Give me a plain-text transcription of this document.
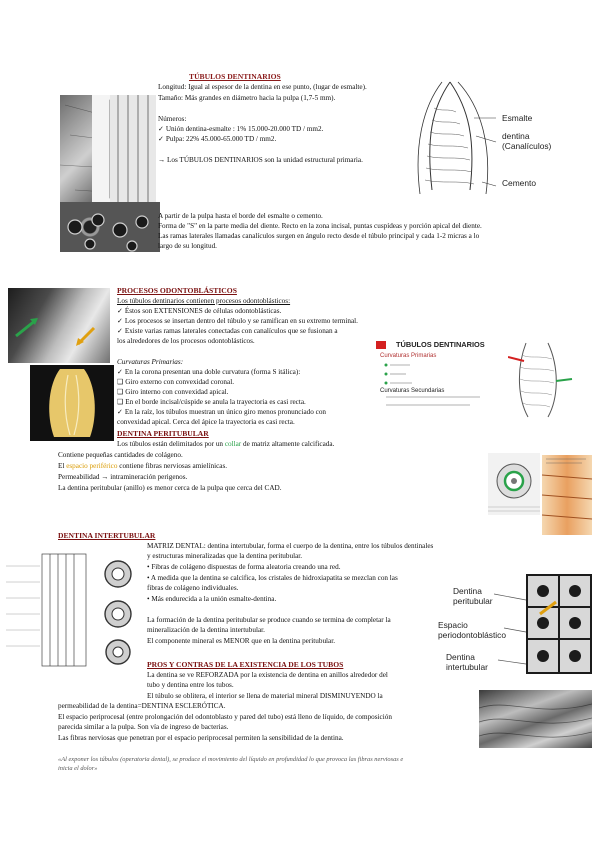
TÚBULOS DENTINARIOS
Longitud: Igual al espesor de la dentina en ese punto, (lugar de esmalte).
Tamaño: Más grandes en diámetro hacia la pulpa (1,7-5 mm).
Números:
✓ Unión dentina-esmalte : 1% 15.000-20.000 TD / mm2.
✓ Pulpa: 22% 45.000-65.000 TD / mm2.
→ Los TÚBULOS DENTINARIOS son la unidad estructural primaria.
Esmalte
dentina
(Canalículos)
Cemento
A partir de la pulpa hasta el borde del esmalte o cemento.
Forma de "S" en la parte media del diente. Recto en la zona incisal, puntas cuspídeas y porción apical del diente.
Las ramas laterales llamadas canalículos surgen en ángulo recto desde el túbulo principal y cada 1-2 micras a lo
largo de su longitud.
PROCESOS ODONTOBLÁSTICOS
Los túbulos dentinarios contienen procesos odontoblásticos:
✓ Éstos son EXTENSIONES de células odontoblásticas.
✓ Los procesos se insertan dentro del túbulo y se ramifican en su extremo terminal.
✓ Existe varias ramas laterales conectadas con canalículos que se fusionan a
los alrededores de los procesos odontoblásticos.
Curvaturas Primarias:
✓ En la corona presentan una doble curvatura (forma S itálica):
❑ Giro externo con convexidad coronal.
❑ Giro interno con convexidad apical.
❑ En el borde incisal/cúspide se anula la trayectoria es casi recta.
✓ En la raíz, los túbulos muestran un único giro menos pronunciado con
convexidad apical. Cerca del ápice la trayectoria es casi recta.
TÚBULOS DENTINARIOS
Curvaturas Primarias
Curvaturas Secundarias
DENTINA PERITUBULAR
Los túbulos están delimitados por un collar de matriz altamente calcificada.
Contiene pequeñas cantidades de colágeno.
El espacio periférico contiene fibras nerviosas amielínicas.
Permeabilidad → intramineración perigenos.
La dentina peritubular (anillo) es menor cerca de la pulpa que cerca del CAD.
DENTINA INTERTUBULAR
MATRIZ DENTAL: dentina intertubular, forma el cuerpo de la dentina, entre los túbulos dentinales
y estructuras mineralizadas que la dentina peritubular.
• Fibras de colágeno dispuestas de forma aleatoria creando una red.
• A medida que la dentina se calcifica, los cristales de hidroxiapatita se mezclan con las
fibras de colágeno individuales.
• Más endurecida a la unión esmalte-dentina.
La formación de la dentina peritubular se produce cuando se termina de completar la
mineralización de la dentina intertubular.
El componente mineral es MENOR que en la dentina peritubular.
Dentina
peritubular
Espacio
periodontoblástico
Dentina
intertubular
PROS Y CONTRAS DE LA EXISTENCIA DE LOS TUBOS
La dentina se ve REFORZADA por la existencia de dentina en anillos alrededor del
tubo y dentina entre los tubos.
El túbulo se oblitera, el interior se llena de material mineral DISMINUYENDO la
permeabilidad de la dentina=DENTINA ESCLERÓTICA.
El espacio periprocesal (entre prolongación del odontoblasto y pared del tubo) está lleno de líquido, de composición
parecida similar a la pulpa. Son vía de ingreso de bacterias.
Las fibras nerviosas que penetran por el espacio periprocesal permiten la sensibilidad de la dentina.
«Al exponer los túbulos (operatoria dental), se produce el movimiento del líquido en profundidad lo que provoca las fibras nerviosas e
inicia el dolor»
